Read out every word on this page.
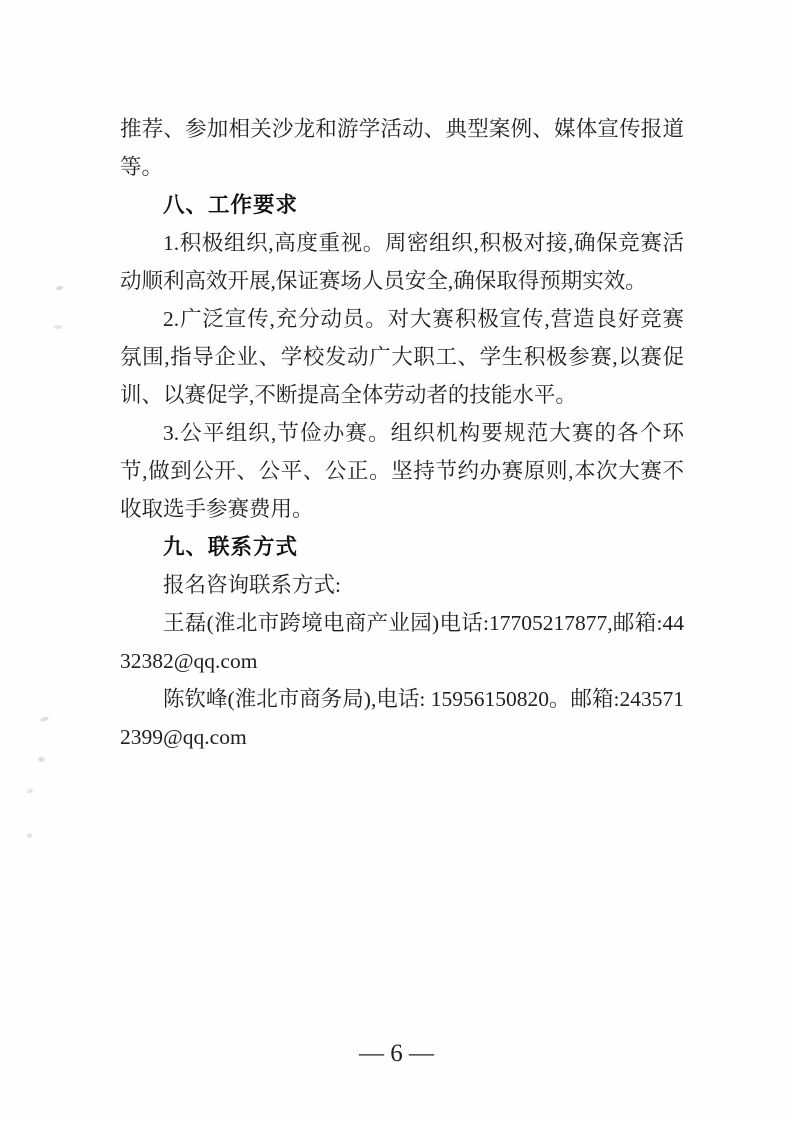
推荐、参加相关沙龙和游学活动、典型案例、媒体宣传报道等。

八、工作要求

1.积极组织,高度重视。周密组织,积极对接,确保竞赛活动顺利高效开展,保证赛场人员安全,确保取得预期实效。

2.广泛宣传,充分动员。对大赛积极宣传,营造良好竞赛氛围,指导企业、学校发动广大职工、学生积极参赛,以赛促训、以赛促学,不断提高全体劳动者的技能水平。

3.公平组织,节俭办赛。组织机构要规范大赛的各个环节,做到公开、公平、公正。坚持节约办赛原则,本次大赛不收取选手参赛费用。

九、联系方式

报名咨询联系方式:

王磊(淮北市跨境电商产业园)电话:17705217877,邮箱:4432382@qq.com

陈钦峰(淮北市商务局),电话: 15956150820。邮箱:2435712399@qq.com

— 6 —
